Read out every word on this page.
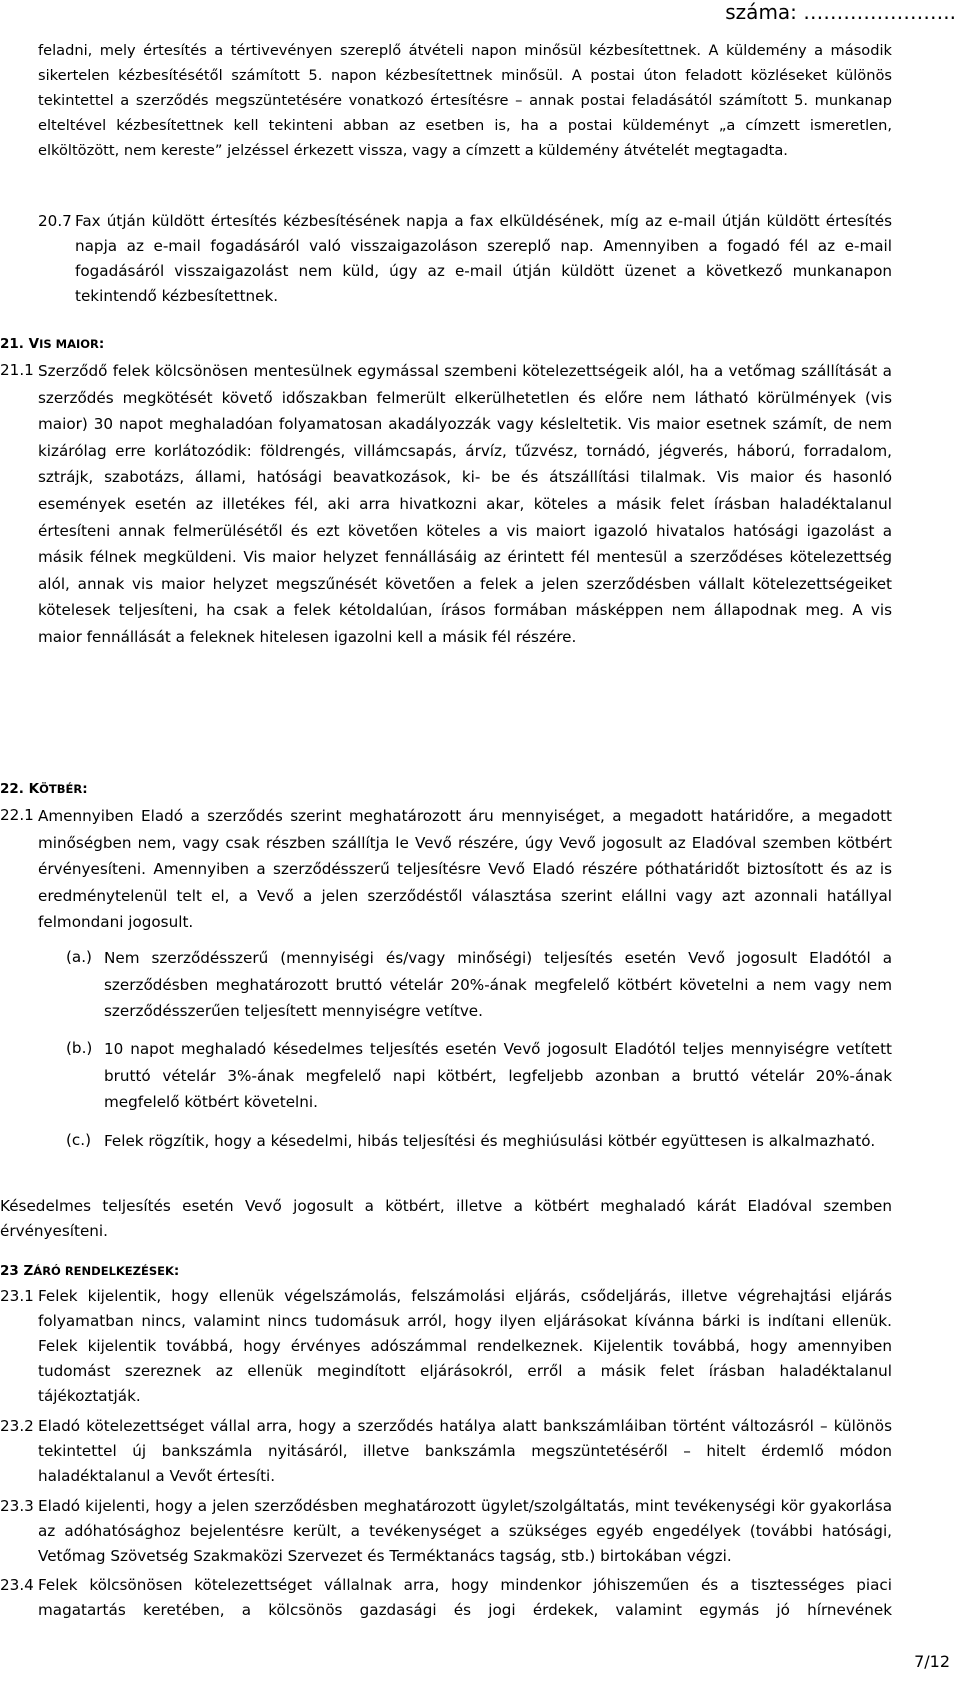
száma: …………………..

feladni, mely értesítés a tértivevényen szereplő átvételi napon minősül kézbesítettnek. A küldemény a második sikertelen kézbesítésétől számított 5. napon kézbesítettnek minősül. A postai úton feladott közléseket különös tekintettel a szerződés megszüntetésére vonatkozó értesítésre – annak postai feladásától számított 5. munkanap elteltével kézbesítettnek kell tekinteni abban az esetben is, ha a postai küldeményt „a címzett ismeretlen, elköltözött, nem kereste” jelzéssel érkezett vissza, vagy a címzett a küldemény átvételét megtagadta.

20.7 Fax útján küldött értesítés kézbesítésének napja a fax elküldésének, míg az e-mail útján küldött értesítés napja az e-mail fogadásáról való visszaigazoláson szereplő nap. Amennyiben a fogadó fél az e-mail fogadásáról visszaigazolást nem küld, úgy az e-mail útján küldött üzenet a következő munkanapon tekintendő kézbesítettnek.

21. VIS MAIOR:
21.1 Szerződő felek kölcsönösen mentesülnek egymással szembeni kötelezettségeik alól, ha a vetőmag szállítását a szerződés megkötését követő időszakban felmerült elkerülhetetlen és előre nem látható körülmények (vis maior) 30 napot meghaladóan folyamatosan akadályozzák vagy késleltetik. Vis maior esetnek számít, de nem kizárólag erre korlátozódik: földrengés, villámcsapás, árvíz, tűzvész, tornádó, jégverés, háború, forradalom, sztrájk, szabotázs, állami, hatósági beavatkozások, ki- be és átszállítási tilalmak. Vis maior és hasonló események esetén az illetékes fél, aki arra hivatkozni akar, köteles a másik felet írásban haladéktalanul értesíteni annak felmerülésétől és ezt követően köteles a vis maiort igazoló hivatalos hatósági igazolást a másik félnek megküldeni. Vis maior helyzet fennállásáig az érintett fél mentesül a szerződéses kötelezettség alól, annak vis maior helyzet megszűnését követően a felek a jelen szerződésben vállalt kötelezettségeiket kötelesek teljesíteni, ha csak a felek kétoldalúan, írásos formában másképpen nem állapodnak meg. A vis maior fennállását a feleknek hitelesen igazolni kell a másik fél részére.

22. KÖTBÉR:
22.1 Amennyiben Eladó a szerződés szerint meghatározott áru mennyiséget, a megadott határidőre, a megadott minőségben nem, vagy csak részben szállítja le Vevő részére, úgy Vevő jogosult az Eladóval szemben kötbért érvényesíteni. Amennyiben a szerződésszerű teljesítésre Vevő Eladó részére póthatáridőt biztosított és az is eredménytelenül telt el, a Vevő a jelen szerződéstől választása szerint elállni vagy azt azonnali hatállyal felmondani jogosult.

(a.) Nem szerződésszerű (mennyiségi és/vagy minőségi) teljesítés esetén Vevő jogosult Eladótól a szerződésben meghatározott bruttó vételár 20%-ának megfelelő kötbért követelni a nem vagy nem szerződésszerűen teljesített mennyiségre vetítve.

(b.) 10 napot meghaladó késedelmes teljesítés esetén Vevő jogosult Eladótól teljes mennyiségre vetített bruttó vételár 3%-ának megfelelő napi kötbért, legfeljebb azonban a bruttó vételár 20%-ának megfelelő kötbért követelni.

(c.) Felek rögzítik, hogy a késedelmi, hibás teljesítési és meghiúsulási kötbér együttesen is alkalmazható.

Késedelmes teljesítés esetén Vevő jogosult a kötbért, illetve a kötbért meghaladó kárát Eladóval szemben érvényesíteni.

23 ZÁRÓ RENDELKEZÉSEK:
23.1 Felek kijelentik, hogy ellenük végelszámolás, felszámolási eljárás, csődeljárás, illetve végrehajtási eljárás folyamatban nincs, valamint nincs tudomásuk arról, hogy ilyen eljárásokat kívánna bárki is indítani ellenük. Felek kijelentik továbbá, hogy érvényes adószámmal rendelkeznek. Kijelentik továbbá, hogy amennyiben tudomást szereznek az ellenük megindított eljárásokról, erről a másik felet írásban haladéktalanul tájékoztatják.

23.2 Eladó kötelezettséget vállal arra, hogy a szerződés hatálya alatt bankszámláiban történt változásról – különös tekintettel új bankszámla nyitásáról, illetve bankszámla megszüntetéséről – hitelt érdemlő módon haladéktalanul a Vevőt értesíti.

23.3 Eladó kijelenti, hogy a jelen szerződésben meghatározott ügylet/szolgáltatás, mint tevékenységi kör gyakorlása az adóhatósághoz bejelentésre került, a tevékenységet a szükséges egyéb engedélyek (további hatósági, Vetőmag Szövetség Szakmaközi Szervezet és Terméktanács tagság, stb.) birtokában végzi.

23.4 Felek kölcsönösen kötelezettséget vállalnak arra, hogy mindenkor jóhiszeműen és a tisztességes piaci magatartás keretében, a kölcsönös gazdasági és jogi érdekek, valamint egymás jó hírnevének

7/12
